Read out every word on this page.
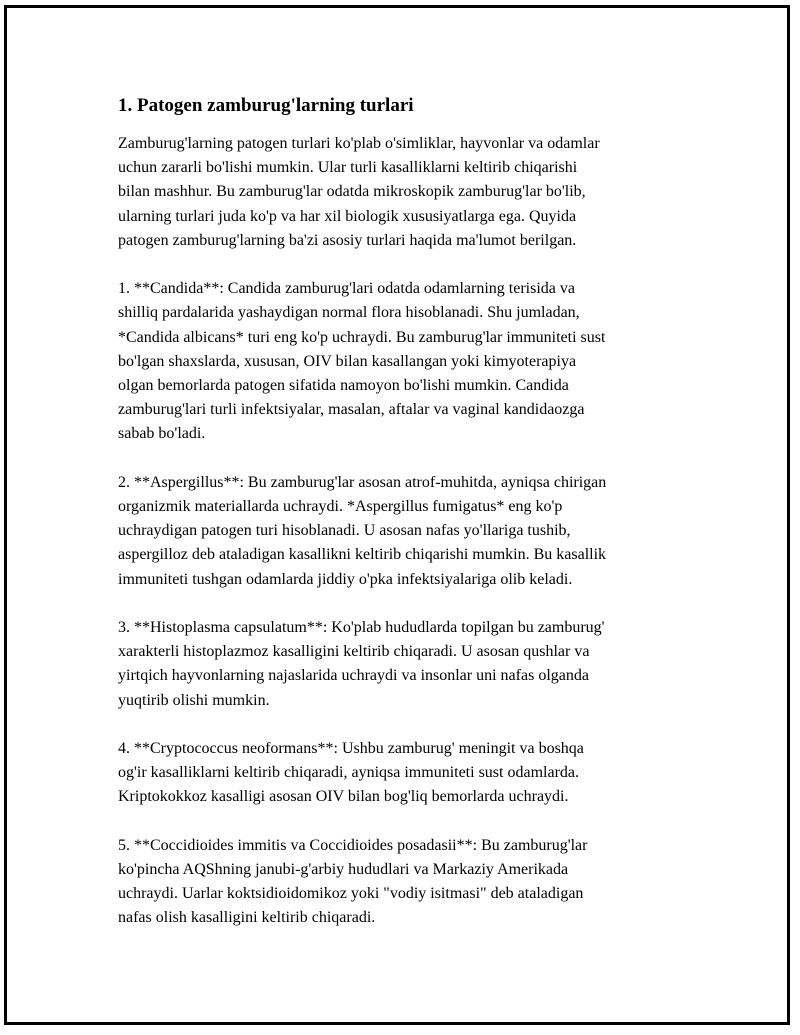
1. Patogen zamburug'larning turlari

Zamburug'larning patogen turlari ko'plab o'simliklar, hayvonlar va odamlar
uchun zararli bo'lishi mumkin. Ular turli kasalliklarni keltirib chiqarishi
bilan mashhur. Bu zamburug'lar odatda mikroskopik zamburug'lar bo'lib,
ularning turlari juda ko'p va har xil biologik xususiyatlarga ega. Quyida
patogen zamburug'larning ba'zi asosiy turlari haqida ma'lumot berilgan.

1. **Candida**: Candida zamburug'lari odatda odamlarning terisida va
shilliq pardalarida yashaydigan normal flora hisoblanadi. Shu jumladan,
*Candida albicans* turi eng ko'p uchraydi. Bu zamburug'lar immuniteti sust
bo'lgan shaxslarda, xususan, OIV bilan kasallangan yoki kimyoterapiya
olgan bemorlarda patogen sifatida namoyon bo'lishi mumkin. Candida
zamburug'lari turli infektsiyalar, masalan, aftalar va vaginal kandidaozga
sabab bo'ladi.

2. **Aspergillus**: Bu zamburug'lar asosan atrof-muhitda, ayniqsa chirigan
organizmik materiallarda uchraydi. *Aspergillus fumigatus* eng ko'p
uchraydigan patogen turi hisoblanadi. U asosan nafas yo'llariga tushib,
aspergilloz deb ataladigan kasallikni keltirib chiqarishi mumkin. Bu kasallik
immuniteti tushgan odamlarda jiddiy o'pka infektsiyalariga olib keladi.

3. **Histoplasma capsulatum**: Ko'plab hududlarda topilgan bu zamburug'
xarakterli histoplazmoz kasalligini keltirib chiqaradi. U asosan qushlar va
yirtqich hayvonlarning najaslarida uchraydi va insonlar uni nafas olganda
yuqtirib olishi mumkin.

4. **Cryptococcus neoformans**: Ushbu zamburug' meningit va boshqa
og'ir kasalliklarni keltirib chiqaradi, ayniqsa immuniteti sust odamlarda.
Kriptokokkoz kasalligi asosan OIV bilan bog'liq bemorlarda uchraydi.

5. **Coccidioides immitis va Coccidioides posadasii**: Bu zamburug'lar
ko'pincha AQShning janubi-g'arbiy hududlari va Markaziy Amerikada
uchraydi. Uarlar koktsidioidomikoz yoki "vodiy isitmasi" deb ataladigan
nafas olish kasalligini keltirib chiqaradi.
